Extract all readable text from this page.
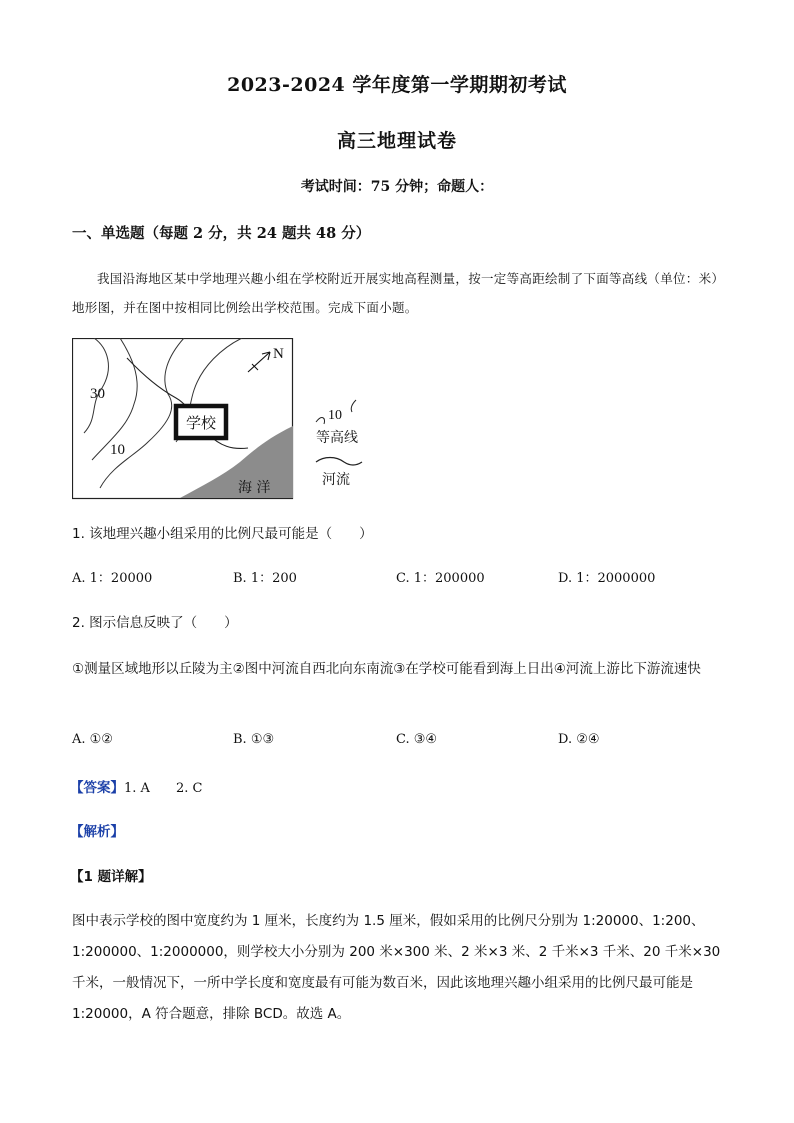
2023-2024 学年度第一学期期初考试
高三地理试卷
考试时间：75 分钟；命题人：
一、单选题（每题 2 分，共 24 题共 48 分）
我国沿海地区某中学地理兴趣小组在学校附近开展实地高程测量，按一定等高距绘制了下面等高线（单位：米）地形图，并在图中按相同比例绘出学校范围。完成下面小题。
学校
30
10
海 洋
N
10
等高线
河流
1. 该地理兴趣小组采用的比例尺最可能是（　　）
A. 1：20000	B. 1：200	C. 1：200000	D. 1：2000000
2. 图示信息反映了（　　）
①测量区域地形以丘陵为主②图中河流自西北向东南流③在学校可能看到海上日出④河流上游比下游流速快
A. ①②	B. ①③	C. ③④	D. ②④
【答案】1. A 2. C
【解析】
【1 题详解】
图中表示学校的图中宽度约为 1 厘米，长度约为 1.5 厘米，假如采用的比例尺分别为 1:20000、1:200、1:200000、1:2000000，则学校大小分别为 200 米×300 米、2 米×3 米、2 千米×3 千米、20 千米×30 千米，一般情况下，一所中学长度和宽度最有可能为数百米，因此该地理兴趣小组采用的比例尺最可能是 1:20000，A 符合题意，排除 BCD。故选 A。
